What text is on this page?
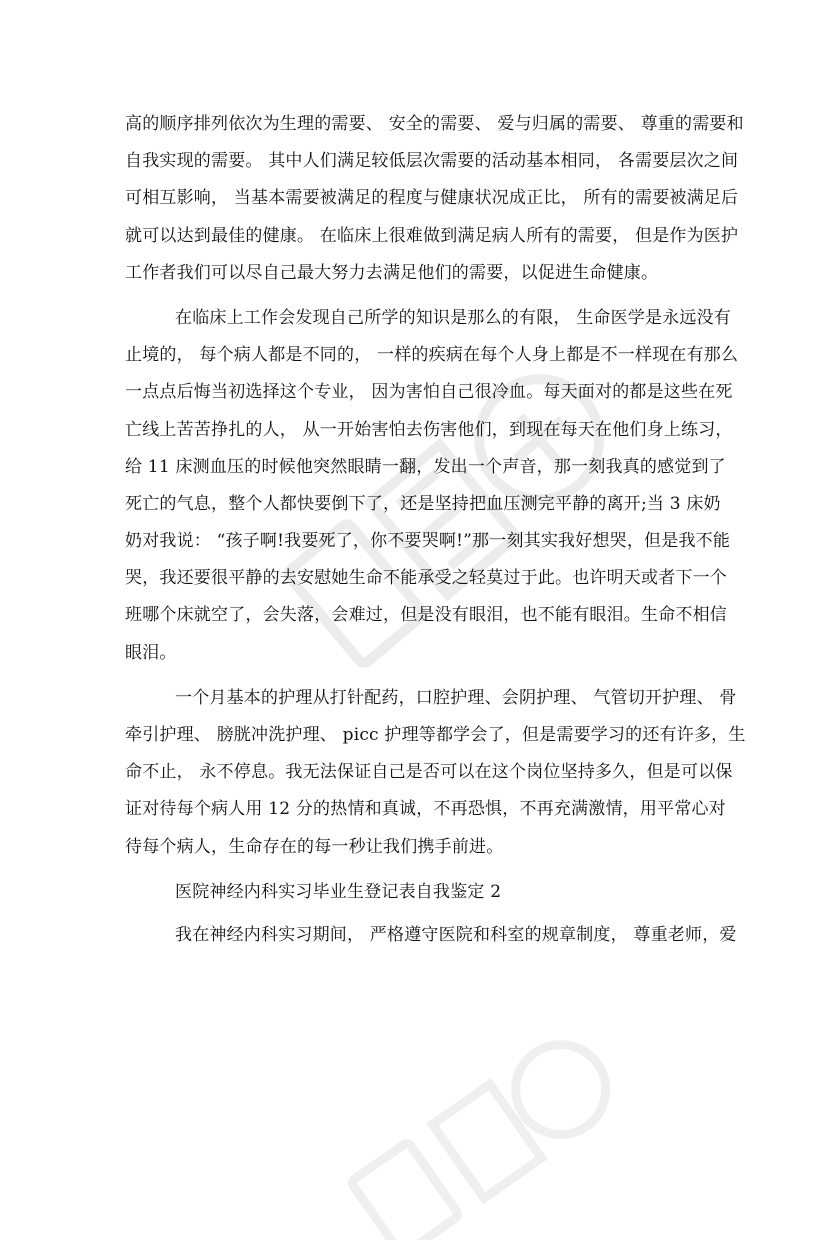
高的顺序排列依次为生理的需要、 安全的需要、 爱与归属的需要、 尊重的需要和
自我实现的需要。 其中人们满足较低层次需要的活动基本相同， 各需要层次之间
可相互影响， 当基本需要被满足的程度与健康状况成正比， 所有的需要被满足后
就可以达到最佳的健康。 在临床上很难做到满足病人所有的需要， 但是作为医护
工作者我们可以尽自己最大努力去满足他们的需要，以促进生命健康。
在临床上工作会发现自己所学的知识是那么的有限， 生命医学是永远没有
止境的， 每个病人都是不同的， 一样的疾病在每个人身上都是不一样现在有那么
一点点后悔当初选择这个专业， 因为害怕自己很冷血。每天面对的都是这些在死
亡线上苦苦挣扎的人， 从一开始害怕去伤害他们，到现在每天在他们身上练习，
给 11 床测血压的时候他突然眼睛一翻，发出一个声音，那一刻我真的感觉到了
死亡的气息，整个人都快要倒下了，还是坚持把血压测完平静的离开;当 3 床奶
奶对我说： “孩子啊!我要死了，你不要哭啊!”那一刻其实我好想哭，但是我不能
哭，我还要很平静的去安慰她生命不能承受之轻莫过于此。也许明天或者下一个
班哪个床就空了，会失落，会难过，但是没有眼泪，也不能有眼泪。生命不相信
眼泪。
一个月基本的护理从打针配药，口腔护理、会阴护理、 气管切开护理、 骨
牵引护理、 膀胱冲洗护理、 picc 护理等都学会了，但是需要学习的还有许多，生
命不止， 永不停息。我无法保证自己是否可以在这个岗位坚持多久，但是可以保
证对待每个病人用 12 分的热情和真诚，不再恐惧，不再充满激情，用平常心对
待每个病人，生命存在的每一秒让我们携手前进。
医院神经内科实习毕业生登记表自我鉴定 2
我在神经内科实习期间， 严格遵守医院和科室的规章制度， 尊重老师，爱
